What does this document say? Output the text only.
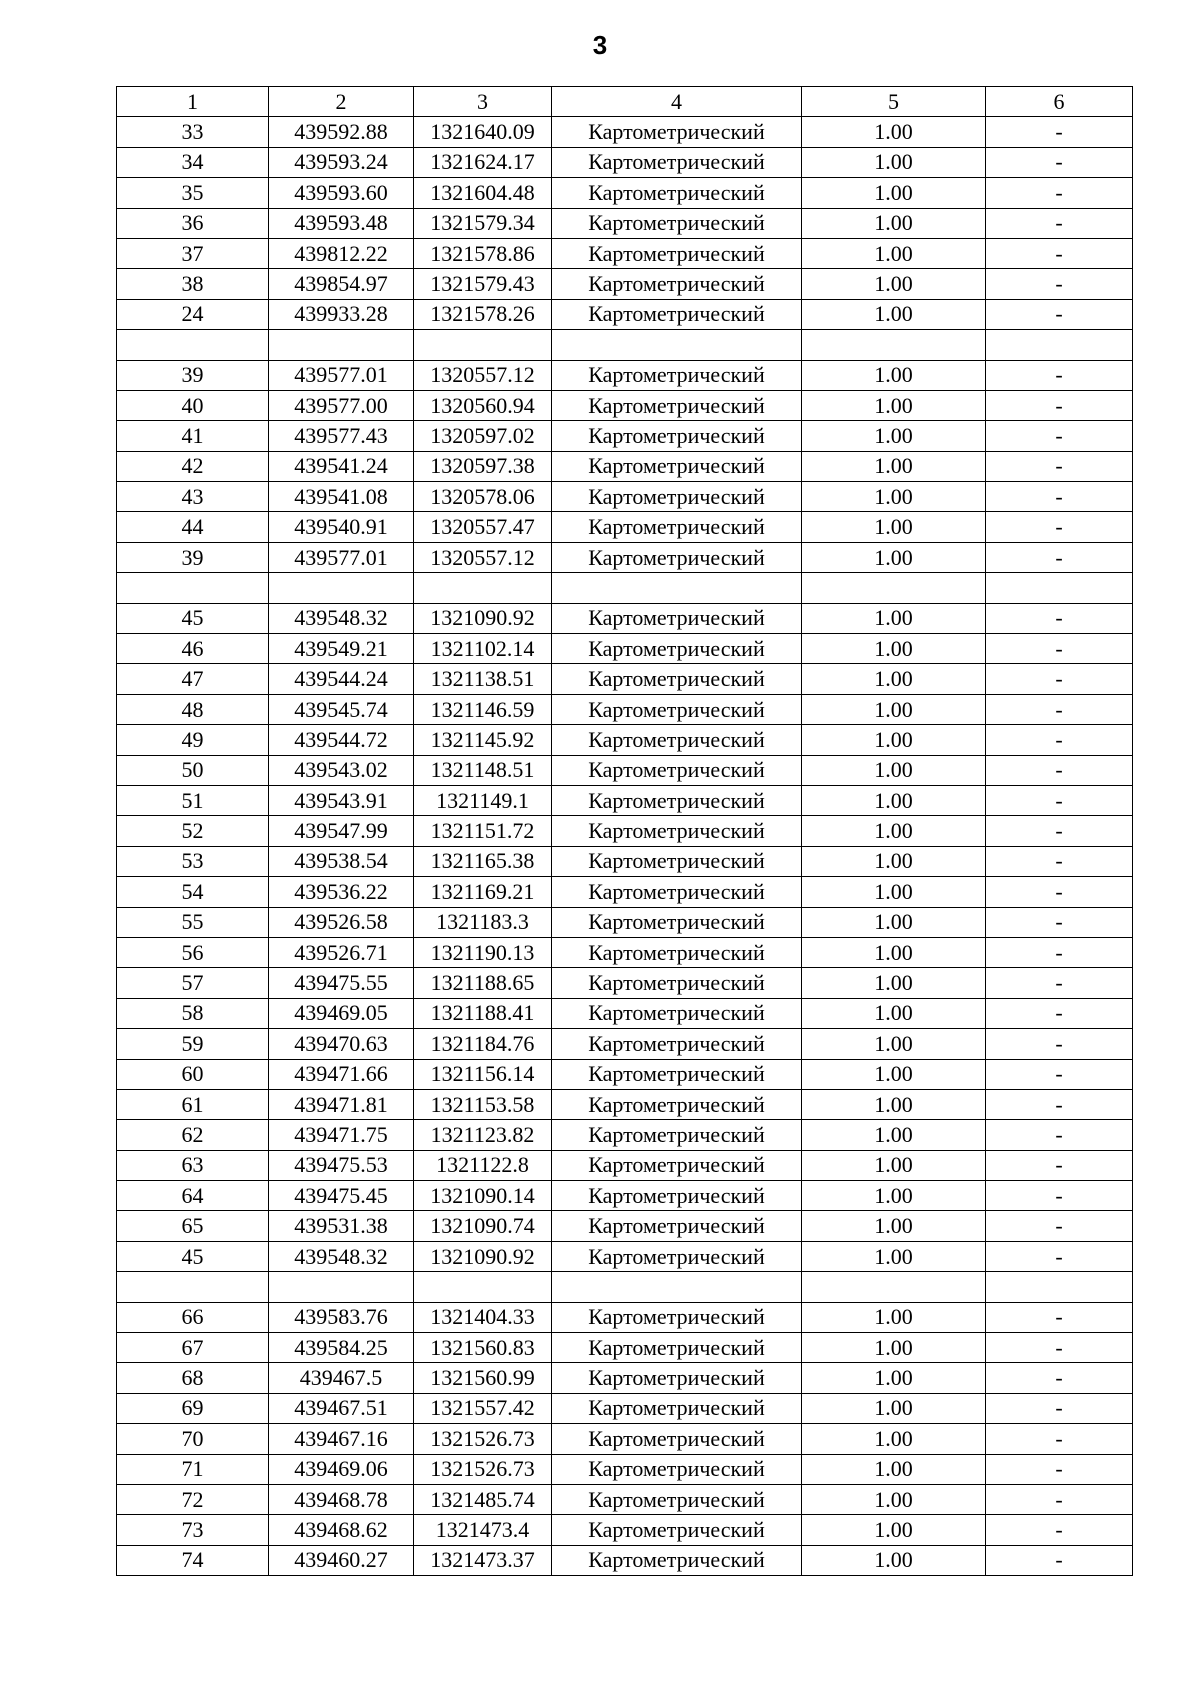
3
1	2	3	4	5	6
33	439592.88	1321640.09	Картометрический	1.00	-
34	439593.24	1321624.17	Картометрический	1.00	-
35	439593.60	1321604.48	Картометрический	1.00	-
36	439593.48	1321579.34	Картометрический	1.00	-
37	439812.22	1321578.86	Картометрический	1.00	-
38	439854.97	1321579.43	Картометрический	1.00	-
24	439933.28	1321578.26	Картометрический	1.00	-

39	439577.01	1320557.12	Картометрический	1.00	-
40	439577.00	1320560.94	Картометрический	1.00	-
41	439577.43	1320597.02	Картометрический	1.00	-
42	439541.24	1320597.38	Картометрический	1.00	-
43	439541.08	1320578.06	Картометрический	1.00	-
44	439540.91	1320557.47	Картометрический	1.00	-
39	439577.01	1320557.12	Картометрический	1.00	-

45	439548.32	1321090.92	Картометрический	1.00	-
46	439549.21	1321102.14	Картометрический	1.00	-
47	439544.24	1321138.51	Картометрический	1.00	-
48	439545.74	1321146.59	Картометрический	1.00	-
49	439544.72	1321145.92	Картометрический	1.00	-
50	439543.02	1321148.51	Картометрический	1.00	-
51	439543.91	1321149.1	Картометрический	1.00	-
52	439547.99	1321151.72	Картометрический	1.00	-
53	439538.54	1321165.38	Картометрический	1.00	-
54	439536.22	1321169.21	Картометрический	1.00	-
55	439526.58	1321183.3	Картометрический	1.00	-
56	439526.71	1321190.13	Картометрический	1.00	-
57	439475.55	1321188.65	Картометрический	1.00	-
58	439469.05	1321188.41	Картометрический	1.00	-
59	439470.63	1321184.76	Картометрический	1.00	-
60	439471.66	1321156.14	Картометрический	1.00	-
61	439471.81	1321153.58	Картометрический	1.00	-
62	439471.75	1321123.82	Картометрический	1.00	-
63	439475.53	1321122.8	Картометрический	1.00	-
64	439475.45	1321090.14	Картометрический	1.00	-
65	439531.38	1321090.74	Картометрический	1.00	-
45	439548.32	1321090.92	Картометрический	1.00	-

66	439583.76	1321404.33	Картометрический	1.00	-
67	439584.25	1321560.83	Картометрический	1.00	-
68	439467.5	1321560.99	Картометрический	1.00	-
69	439467.51	1321557.42	Картометрический	1.00	-
70	439467.16	1321526.73	Картометрический	1.00	-
71	439469.06	1321526.73	Картометрический	1.00	-
72	439468.78	1321485.74	Картометрический	1.00	-
73	439468.62	1321473.4	Картометрический	1.00	-
74	439460.27	1321473.37	Картометрический	1.00	-
